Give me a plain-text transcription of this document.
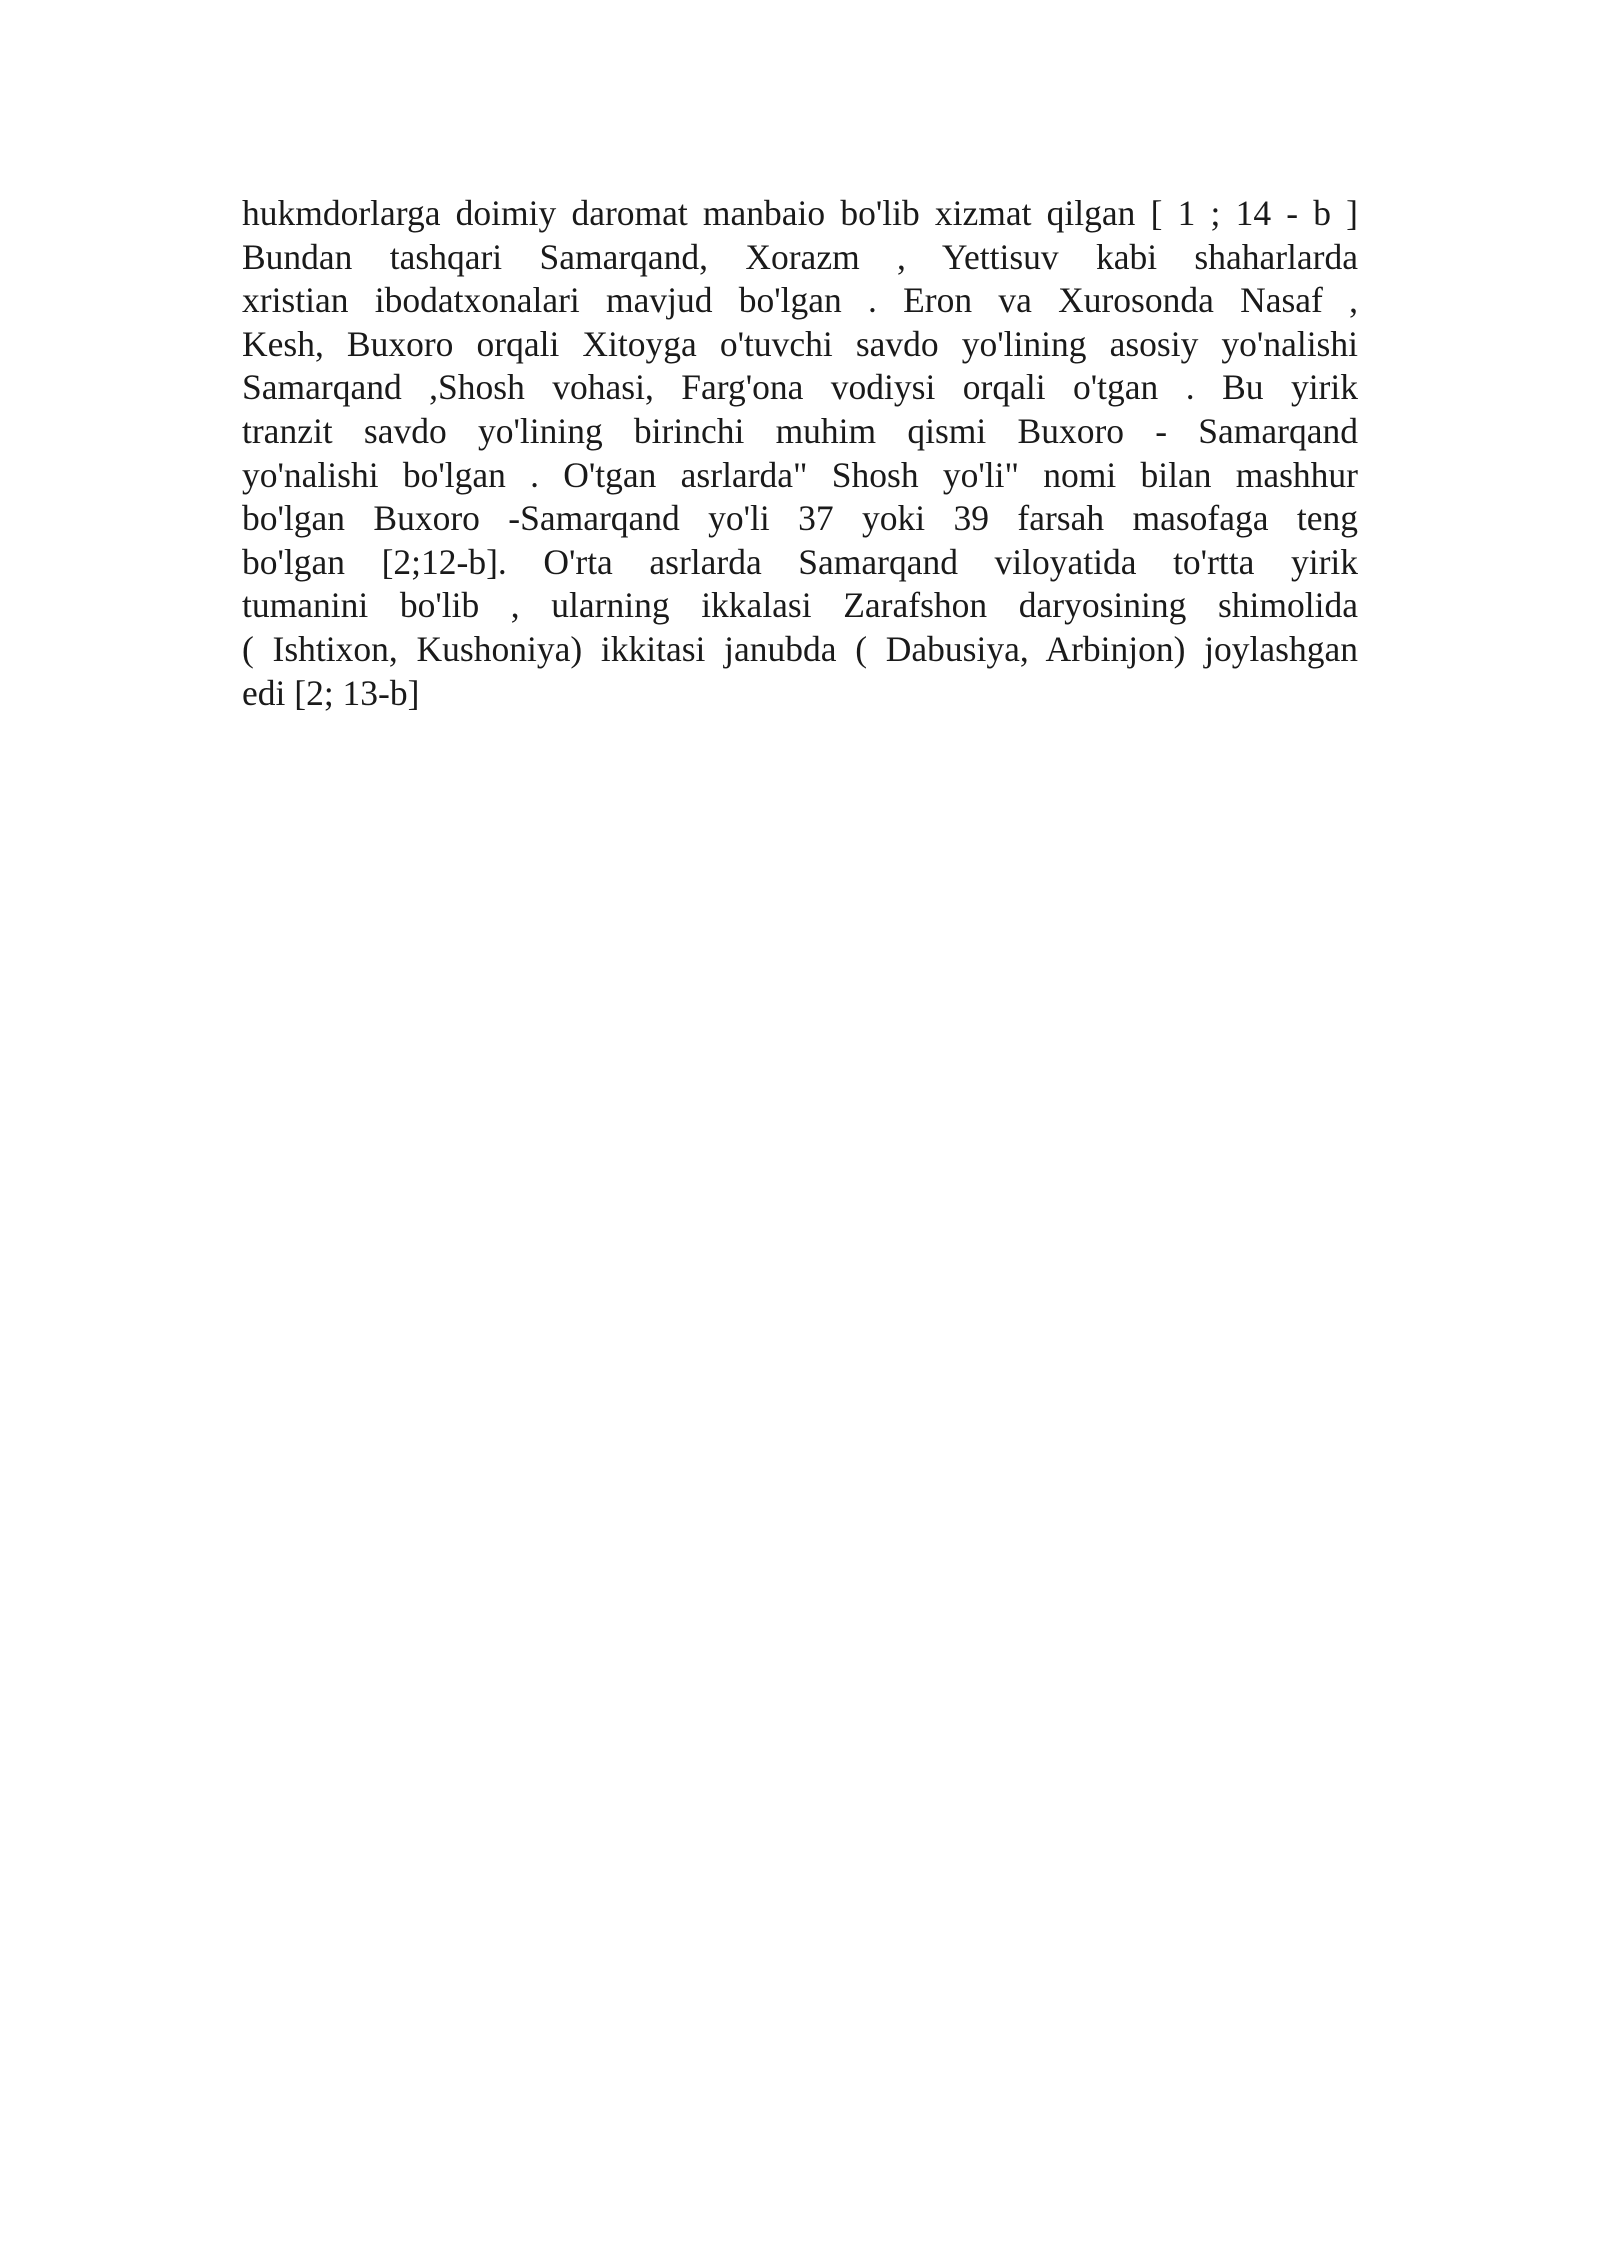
hukmdorlarga doimiy daromat manbaio bo'lib xizmat qilgan [ 1 ; 14 - b ]
Bundan tashqari Samarqand, Xorazm , Yettisuv kabi shaharlarda
xristian ibodatxonalari mavjud bo'lgan . Eron va Xurosonda Nasaf ,
Kesh, Buxoro orqali Xitoyga o'tuvchi savdo yo'lining asosiy yo'nalishi
Samarqand ,Shosh vohasi, Farg'ona vodiysi orqali o'tgan . Bu yirik
tranzit savdo yo'lining birinchi muhim qismi Buxoro - Samarqand
yo'nalishi bo'lgan . O'tgan asrlarda" Shosh yo'li" nomi bilan mashhur
bo'lgan Buxoro -Samarqand yo'li 37 yoki 39 farsah masofaga teng
bo'lgan [2;12-b]. O'rta asrlarda Samarqand viloyatida to'rtta yirik
tumanini bo'lib , ularning ikkalasi Zarafshon daryosining shimolida
( Ishtixon, Kushoniya) ikkitasi janubda ( Dabusiya, Arbinjon) joylashgan
edi [2; 13-b]
